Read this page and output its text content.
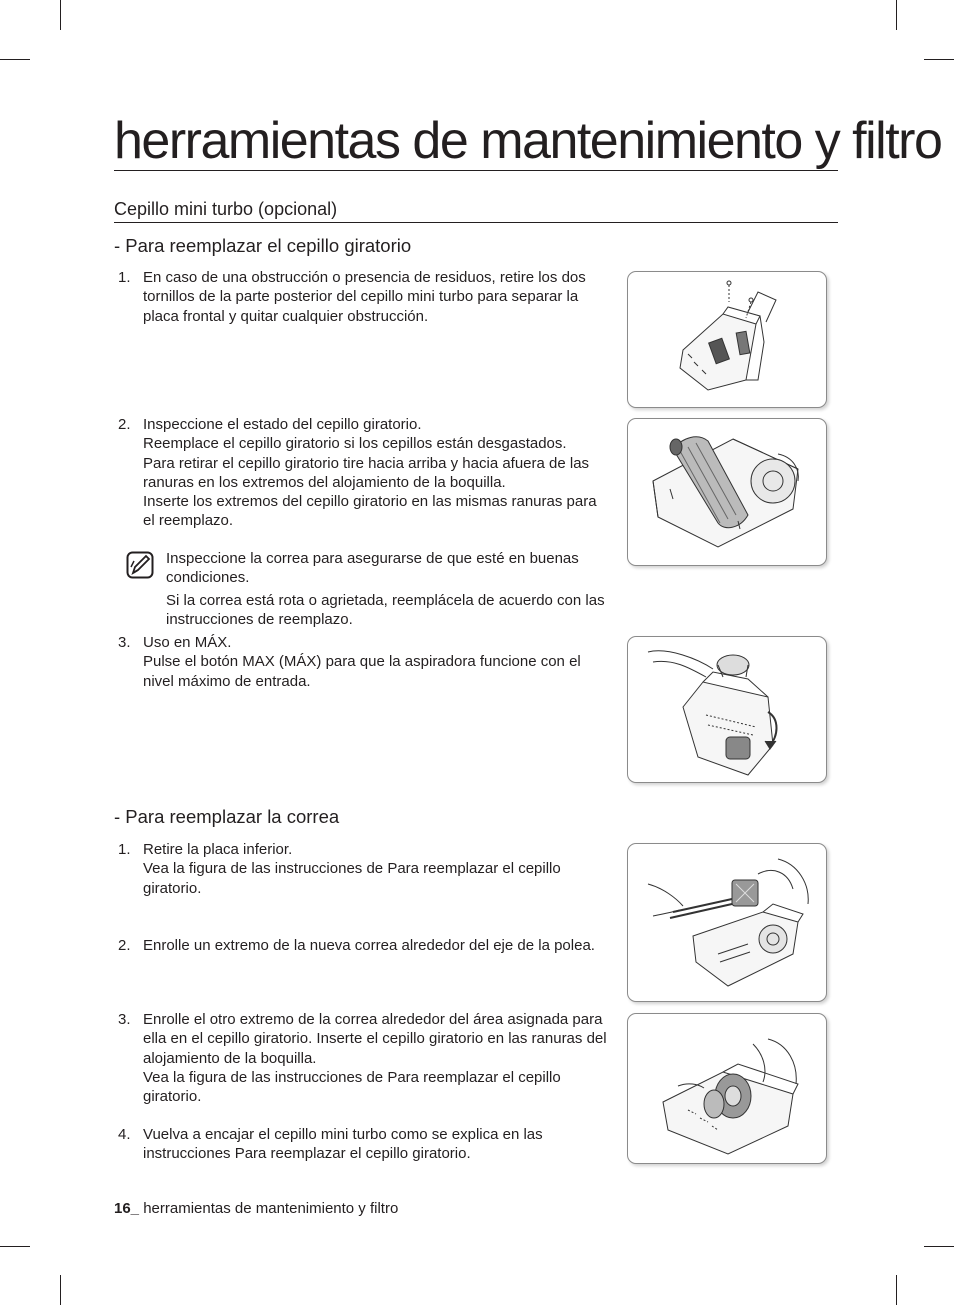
herramientas de mantenimiento y filtro
Cepillo mini turbo (opcional)
- Para reemplazar el cepillo giratorio
1. En caso de una obstrucción o presencia de residuos, retire los dos tornillos de la parte posterior del cepillo mini turbo para separar la placa frontal y quitar cualquier obstrucción.

2. Inspeccione el estado del cepillo giratorio.

Reemplace el cepillo giratorio si los cepillos están desgastados.

Para retirar el cepillo giratorio tire hacia arriba y hacia afuera de las ranuras en los extremos del alojamiento de la boquilla.

Inserte los extremos del cepillo giratorio en las mismas ranuras para el reemplazo.

Inspeccione la correa para asegurarse de que esté en buenas condiciones.

Si la correa está rota o agrietada, reemplácela de acuerdo con las instrucciones de reemplazo.

3. Uso en MÁX.

Pulse el botón MAX (MÁX) para que la aspiradora funcione con el nivel máximo de entrada.

- Para reemplazar la correa
1. Retire la placa inferior.

Vea la figura de las instrucciones de Para reemplazar el cepillo giratorio.

2. Enrolle un extremo de la nueva correa alrededor del eje de la polea.

3. Enrolle el otro extremo de la correa alrededor del área asignada para ella en el cepillo giratorio. Inserte el cepillo giratorio en las ranuras del alojamiento de la boquilla.

Vea la figura de las instrucciones de Para reemplazar el cepillo giratorio.

4. Vuelva a encajar el cepillo mini turbo como se explica en las instrucciones Para reemplazar el cepillo giratorio.

16_ herramientas de mantenimiento y filtro
